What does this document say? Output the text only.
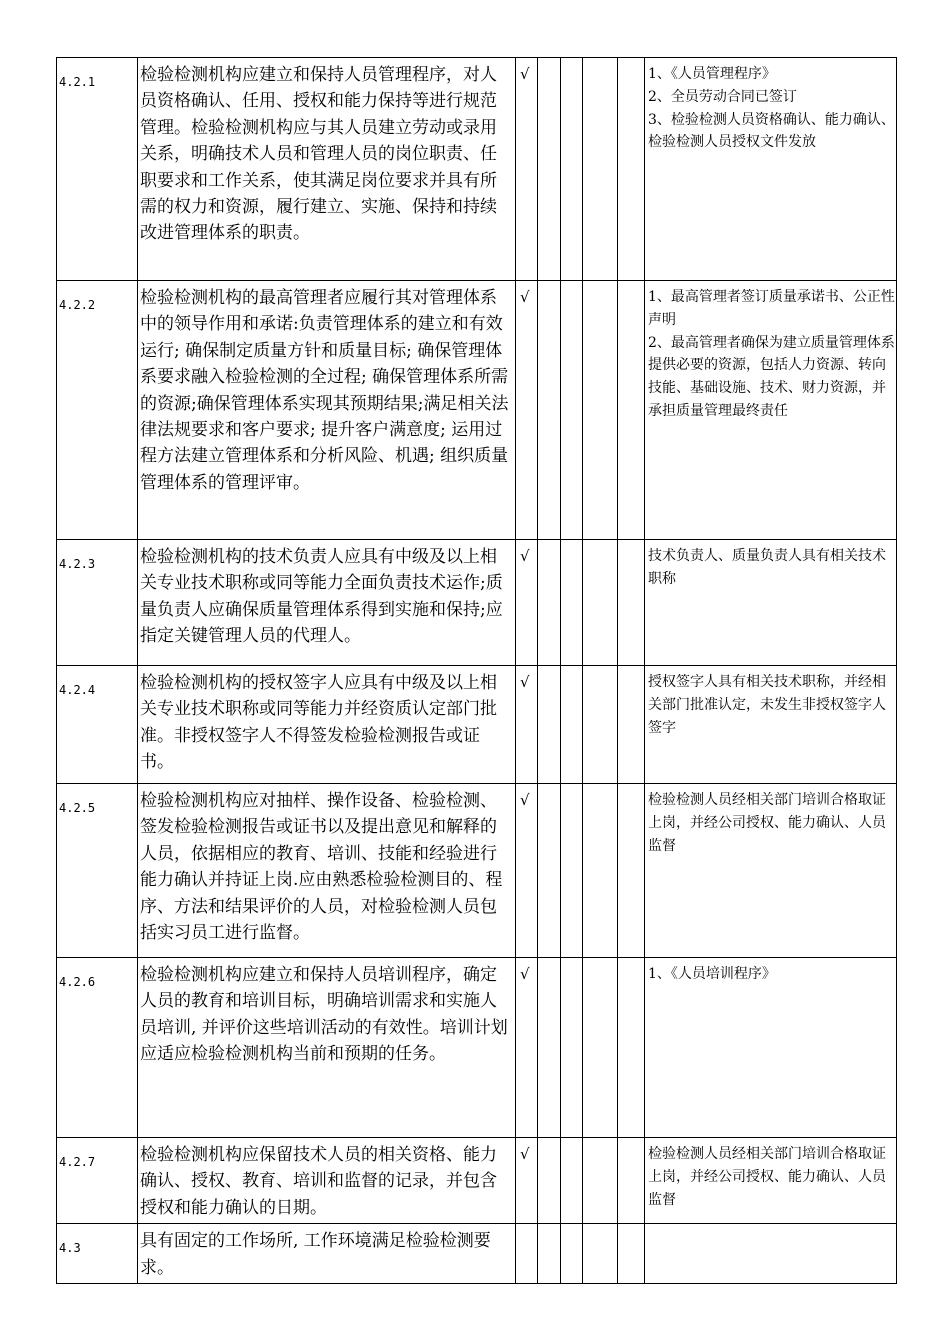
4.2.1	检验检测机构应建立和保持人员管理程序，对人员资格确认、任用、授权和能力保持等进行规范管理。检验检测机构应与其人员建立劳动或录用关系，明确技术人员和管理人员的岗位职责、任职要求和工作关系，使其满足岗位要求并具有所需的权力和资源，履行建立、实施、保持和持续改进管理体系的职责。	√					1、《人员管理程序》
2、全员劳动合同已签订
3、检验检测人员资格确认、能力确认、检验检测人员授权文件发放

4.2.2	检验检测机构的最高管理者应履行其对管理体系中的领导作用和承诺:负责管理体系的建立和有效运行; 确保制定质量方针和质量目标; 确保管理体系要求融入检验检测的全过程; 确保管理体系所需的资源;确保管理体系实现其预期结果;满足相关法律法规要求和客户要求; 提升客户满意度; 运用过程方法建立管理体系和分析风险、机遇; 组织质量管理体系的管理评审。	√					1、最高管理者签订质量承诺书、公正性声明
2、最高管理者确保为建立质量管理体系提供必要的资源，包括人力资源、转向技能、基础设施、技术、财力资源，并承担质量管理最终责任

4.2.3	检验检测机构的技术负责人应具有中级及以上相关专业技术职称或同等能力全面负责技术运作;质量负责人应确保质量管理体系得到实施和保持;应指定关键管理人员的代理人。	√					技术负责人、质量负责人具有相关技术职称

4.2.4	检验检测机构的授权签字人应具有中级及以上相关专业技术职称或同等能力并经资质认定部门批准。非授权签字人不得签发检验检测报告或证书。	√					授权签字人具有相关技术职称，并经相关部门批准认定，未发生非授权签字人签字

4.2.5	检验检测机构应对抽样、操作设备、检验检测、签发检验检测报告或证书以及提出意见和解释的人员，依据相应的教育、培训、技能和经验进行能力确认并持证上岗.应由熟悉检验检测目的、程序、方法和结果评价的人员，对检验检测人员包括实习员工进行监督。	√					检验检测人员经相关部门培训合格取证上岗，并经公司授权、能力确认、人员监督

4.2.6	检验检测机构应建立和保持人员培训程序，确定人员的教育和培训目标，明确培训需求和实施人员培训, 并评价这些培训活动的有效性。培训计划应适应检验检测机构当前和预期的任务。	√					1、《人员培训程序》

4.2.7	检验检测机构应保留技术人员的相关资格、能力确认、授权、教育、培训和监督的记录，并包含授权和能力确认的日期。	√					检验检测人员经相关部门培训合格取证上岗，并经公司授权、能力确认、人员监督

4.3	具有固定的工作场所, 工作环境满足检验检测要求。						
